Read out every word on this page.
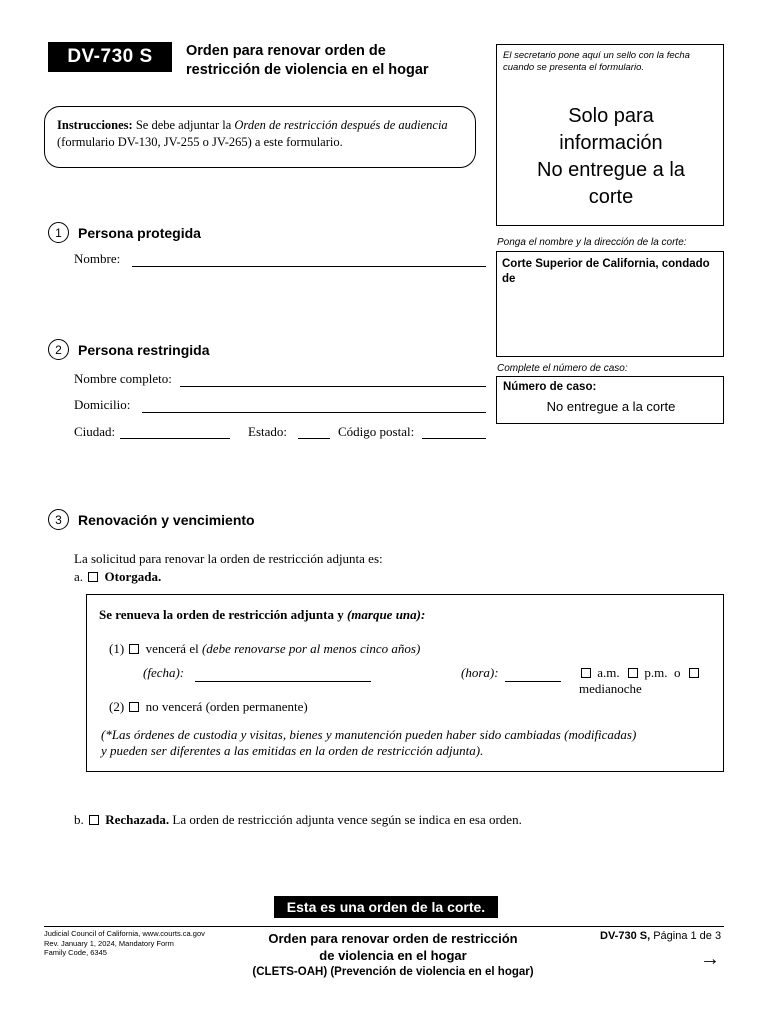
DV-730 S	Orden para renovar orden de
restricción de violencia en el hogar
Instrucciones: Se debe adjuntar la Orden de restricción después de audiencia (formulario DV-130, JV-255 o JV-265) a este formulario.
El secretario pone aquí un sello con la fecha cuando se presenta el formulario.
Solo para
información
No entregue a la
corte
Ponga el nombre y la dirección de la corte:
Corte Superior de California, condado de
Complete el número de caso:
Número de caso:
No entregue a la corte
1	Persona protegida
Nombre:
2	Persona restringida
Nombre completo:
Domicilio:
Ciudad:	Estado:	Código postal:
3	Renovación y vencimiento
La solicitud para renovar la orden de restricción adjunta es:
a. Otorgada.
Se renueva la orden de restricción adjunta y (marque una):
(1) vencerá el (debe renovarse por al menos cinco años)
(fecha):	(hora):	a.m. p.m. o   medianoche
(2) no vencerá (orden permanente)
(*Las órdenes de custodia y visitas, bienes y manutención pueden haber sido cambiadas (modificadas)
y pueden ser diferentes a las emitidas en la orden de restricción adjunta).
b. Rechazada. La orden de restricción adjunta vence según se indica en esa orden.
Esta es una orden de la corte.
Judicial Council of California, www.courts.ca.gov
Rev. January 1, 2024, Mandatory Form
Family Code, 6345
Orden para renovar orden de restricción
de violencia en el hogar
(CLETS-OAH) (Prevención de violencia en el hogar)
DV-730 S, Página 1 de 3
→
